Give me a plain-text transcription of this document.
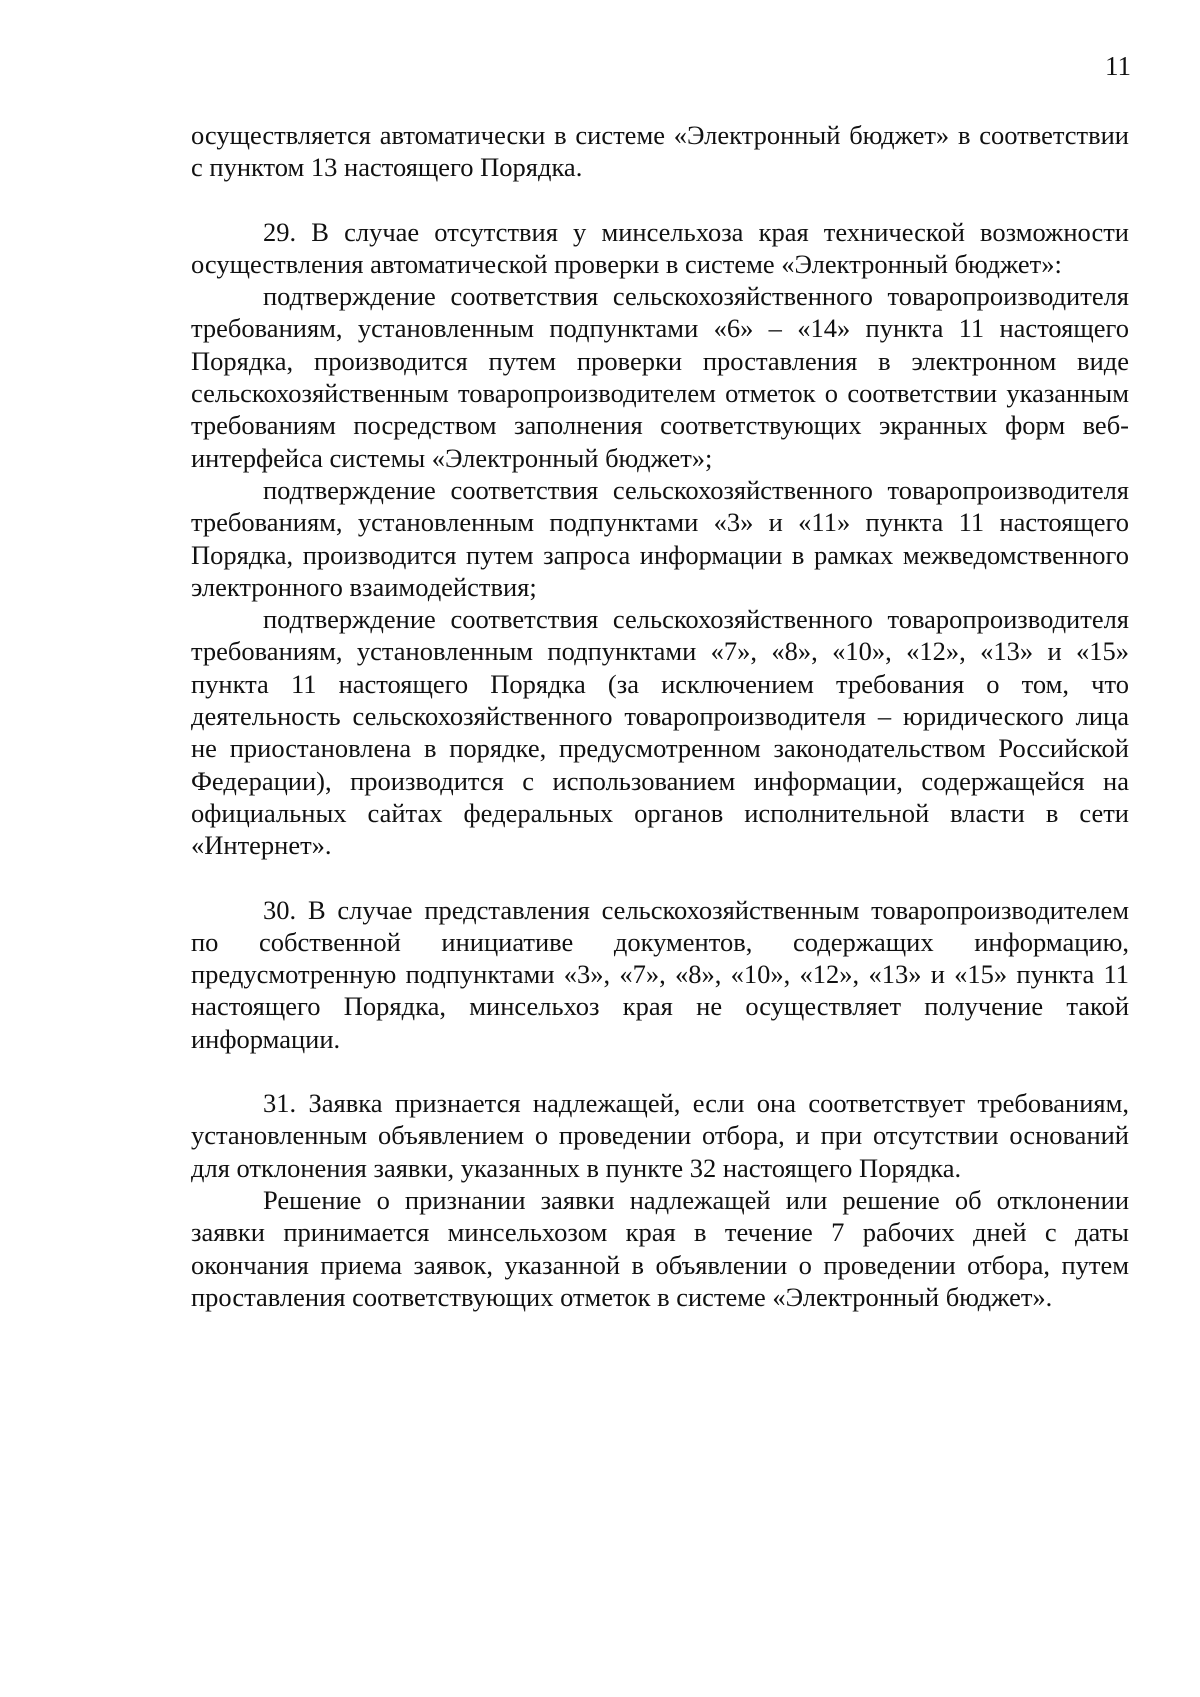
11

осуществляется автоматически в системе «Электронный бюджет» в соответствии с пунктом 13 настоящего Порядка.

29. В случае отсутствия у минсельхоза края технической возможности осуществления автоматической проверки в системе «Электронный бюджет»:

подтверждение соответствия сельскохозяйственного товаропроизводителя требованиям, установленным подпунктами «6» – «14» пункта 11 настоящего Порядка, производится путем проверки проставления в электронном виде сельскохозяйственным товаропроизводителем отметок о соответствии указанным требованиям посредством заполнения соответствующих экранных форм веб-интерфейса системы «Электронный бюджет»;

подтверждение соответствия сельскохозяйственного товаропроизводителя требованиям, установленным подпунктами «3» и «11» пункта 11 настоящего Порядка, производится путем запроса информации в рамках межведомственного электронного взаимодействия;

подтверждение соответствия сельскохозяйственного товаропроизводителя требованиям, установленным подпунктами «7», «8», «10», «12», «13» и «15» пункта 11 настоящего Порядка (за исключением требования о том, что деятельность сельскохозяйственного товаропроизводителя – юридического лица не приостановлена в порядке, предусмотренном законодательством Российской Федерации), производится с использованием информации, содержащейся на официальных сайтах федеральных органов исполнительной власти в сети «Интернет».

30. В случае представления сельскохозяйственным товаропроизводителем по собственной инициативе документов, содержащих информацию, предусмотренную подпунктами «3», «7», «8», «10», «12», «13» и «15» пункта 11 настоящего Порядка, минсельхоз края не осуществляет получение такой информации.

31. Заявка признается надлежащей, если она соответствует требованиям, установленным объявлением о проведении отбора, и при отсутствии оснований для отклонения заявки, указанных в пункте 32 настоящего Порядка.

Решение о признании заявки надлежащей или решение об отклонении заявки принимается минсельхозом края в течение 7 рабочих дней с даты окончания приема заявок, указанной в объявлении о проведении отбора, путем проставления соответствующих отметок в системе «Электронный бюджет».
